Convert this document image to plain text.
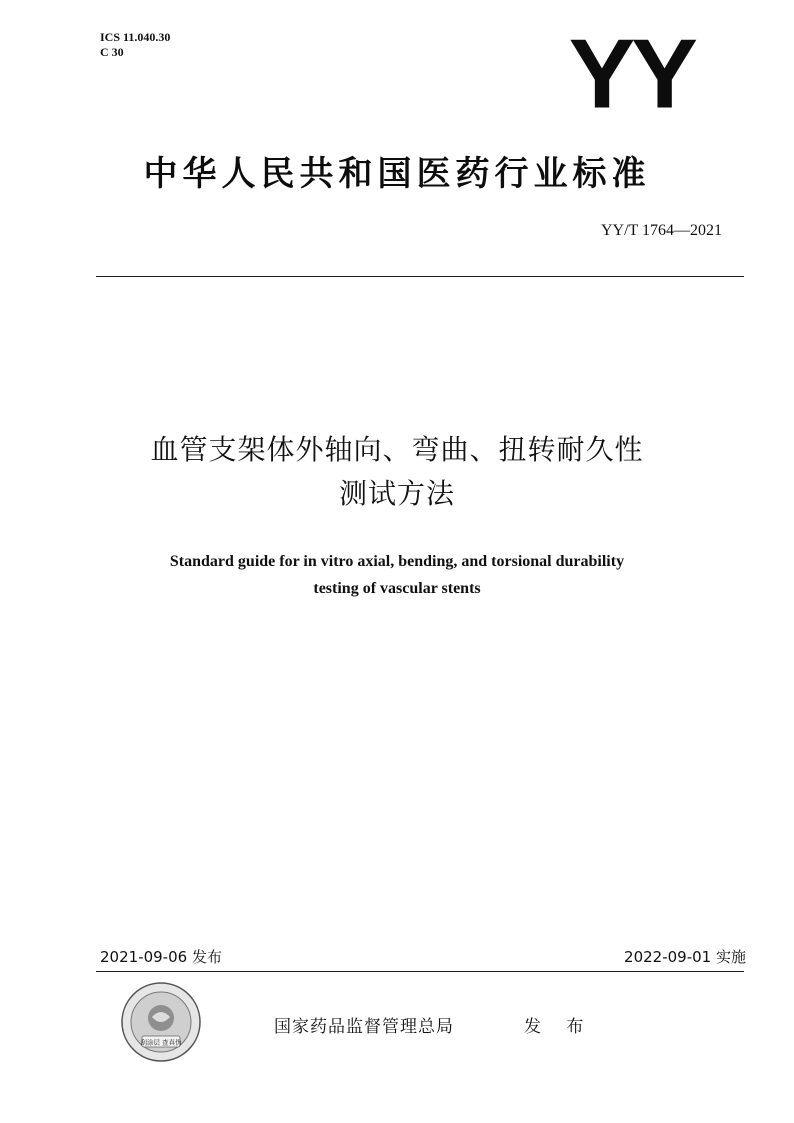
ICS 11.040.30
C 30	YY
中华人民共和国医药行业标准
YY/T 1764—2021
血管支架体外轴向、弯曲、扭转耐久性
测试方法
Standard guide for in vitro axial, bending, and torsional durability
testing of vascular stents
2021-09-06 发布	2022-09-01 实施
刮涂层 查真伪
国家药品监督管理总局	发 布
